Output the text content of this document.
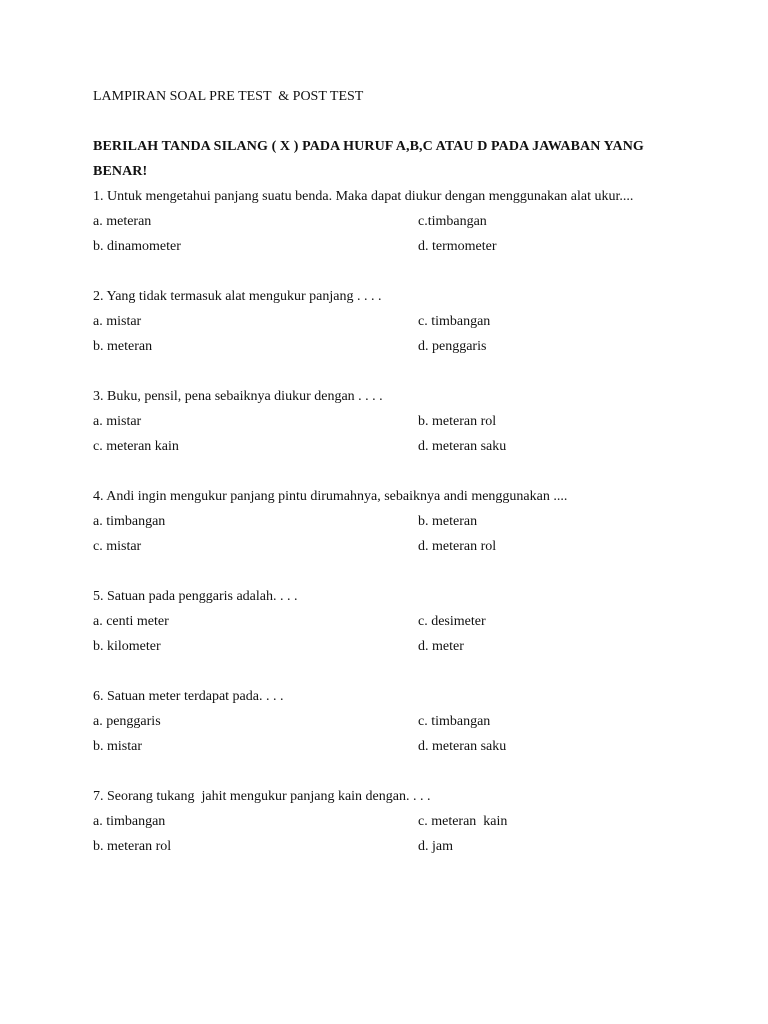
LAMPIRAN SOAL PRE TEST  & POST TEST

BERILAH TANDA SILANG ( X ) PADA HURUF A,B,C ATAU D PADA JAWABAN YANG BENAR!
1. Untuk mengetahui panjang suatu benda. Maka dapat diukur dengan menggunakan alat ukur....
a. meteran	c.timbangan
b. dinamometer	d. termometer
2. Yang tidak termasuk alat mengukur panjang . . . .
a. mistar	c. timbangan
b. meteran	d. penggaris
3. Buku, pensil, pena sebaiknya diukur dengan . . . .
a. mistar	b. meteran rol
c. meteran kain	d. meteran saku
4. Andi ingin mengukur panjang pintu dirumahnya, sebaiknya andi menggunakan ....
a. timbangan	b. meteran
c. mistar	d. meteran rol
5. Satuan pada penggaris adalah. . . .
a. centi meter	c. desimeter
b. kilometer	d. meter
6. Satuan meter terdapat pada. . . .
a. penggaris	c. timbangan
b. mistar	d. meteran saku
7. Seorang tukang  jahit mengukur panjang kain dengan. . . .
a. timbangan	c. meteran  kain
b. meteran rol	d. jam
